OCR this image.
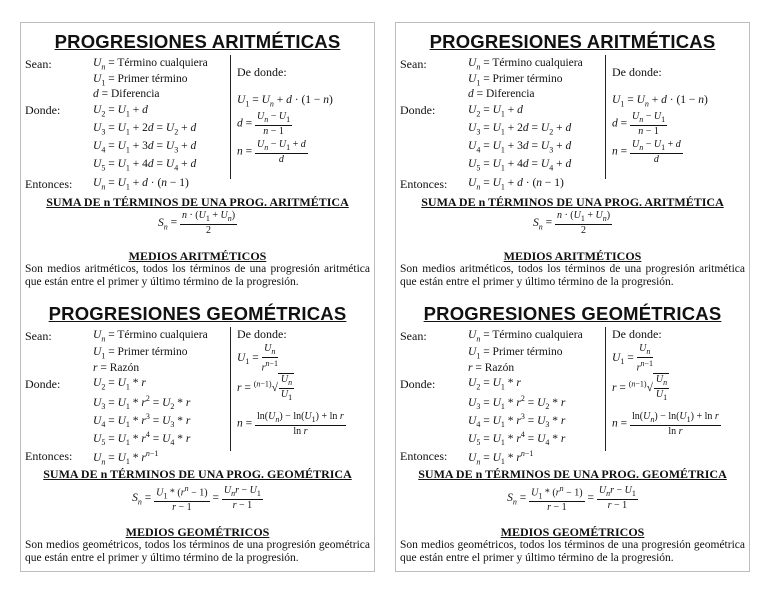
PROGRESIONES ARITMÉTICAS
Sean:	$U_n$ = Término cualquiera
$U_1$ = Primer término
d = Diferencia
Donde:	$U_2 = U_1 + d$
$U_3 = U_1 + 2d = U_2 + d$
$U_4 = U_1 + 3d = U_3 + d$
$U_5 = U_1 + 4d = U_4 + d$
Entonces: $U_n = U_1 + d \cdot (n - 1)$
De donde:
$U_1 = U_n + d \cdot (1 - n)$
$d = \frac{U_n - U_1}{n - 1}$
$n = \frac{U_n - U_1 + d}{d}$
SUMA DE n TÉRMINOS DE UNA PROG. ARITMÉTICA
$S_n = \frac{n \cdot (U_1 + U_n)}{2}$
MEDIOS ARITMÉTICOS
Son medios aritméticos, todos los términos de una progresión aritmética que están entre el primer y último término de la progresión.
PROGRESIONES GEOMÉTRICAS
Sean:	$U_n$ = Término cualquiera
$U_1$ = Primer término
r = Razón
Donde:	$U_2 = U_1 * r$
$U_3 = U_1 * r^2 = U_2 * r$
$U_4 = U_1 * r^3 = U_3 * r$
$U_5 = U_1 * r^4 = U_4 * r$
Entonces: $U_n = U_1 * r^{n-1}$
De donde:
$U_1 = \frac{U_n}{r^{n-1}}$
$r = ^{(n-1)}√ \frac{U_n}{U_1}$
$n = \frac{\ln(U_n) - \ln(U_1) + \ln r}{\text{ln r}}$
SUMA DE n TÉRMINOS DE UNA PROG. GEOMÉTRICA
$S_n = \frac{U_1 * (r^n - 1)}{r - 1} = \frac{U_nr - U_1}{r - 1}$
MEDIOS GEOMÉTRICOS
Son medios geométricos, todos los términos de una progresión geométrica que están entre el primer y último término de la progresión.
PROGRESIONES ARITMÉTICAS
Sean:	$U_n$ = Término cualquiera
$U_1$ = Primer término
d = Diferencia
Donde:	$U_2 = U_1 + d$
$U_3 = U_1 + 2d = U_2 + d$
$U_4 = U_1 + 3d = U_3 + d$
$U_5 = U_1 + 4d = U_4 + d$
Entonces: $U_n = U_1 + d \cdot (n - 1)$
De donde:
$U_1 = U_n + d \cdot (1 - n)$
$d = \frac{U_n - U_1}{n - 1}$
$n = \frac{U_n - U_1 + d}{d}$
SUMA DE n TÉRMINOS DE UNA PROG. ARITMÉTICA
$S_n = \frac{n \cdot (U_1 + U_n)}{2}$
MEDIOS ARITMÉTICOS
Son medios aritméticos, todos los términos de una progresión aritmética que están entre el primer y último término de la progresión.
PROGRESIONES GEOMÉTRICAS
Sean:	$U_n$ = Término cualquiera
$U_1$ = Primer término
r = Razón
Donde:	$U_2 = U_1 * r$
$U_3 = U_1 * r^2 = U_2 * r$
$U_4 = U_1 * r^3 = U_3 * r$
$U_5 = U_1 * r^4 = U_4 * r$
Entonces: $U_n = U_1 * r^{n-1}$
De donde:
$U_1 = \frac{U_n}{r^{n-1}}$
$r = ^{(n-1)}√ \frac{U_n}{U_1}$
$n = \frac{\ln(U_n) - \ln(U_1) + \ln r}{\text{ln r}}$
SUMA DE n TÉRMINOS DE UNA PROG. GEOMÉTRICA
$S_n = \frac{U_1 * (r^n - 1)}{r - 1} = \frac{U_nr - U_1}{r - 1}$
MEDIOS GEOMÉTRICOS
Son medios geométricos, todos los términos de una progresión geométrica que están entre el primer y último término de la progresión.
